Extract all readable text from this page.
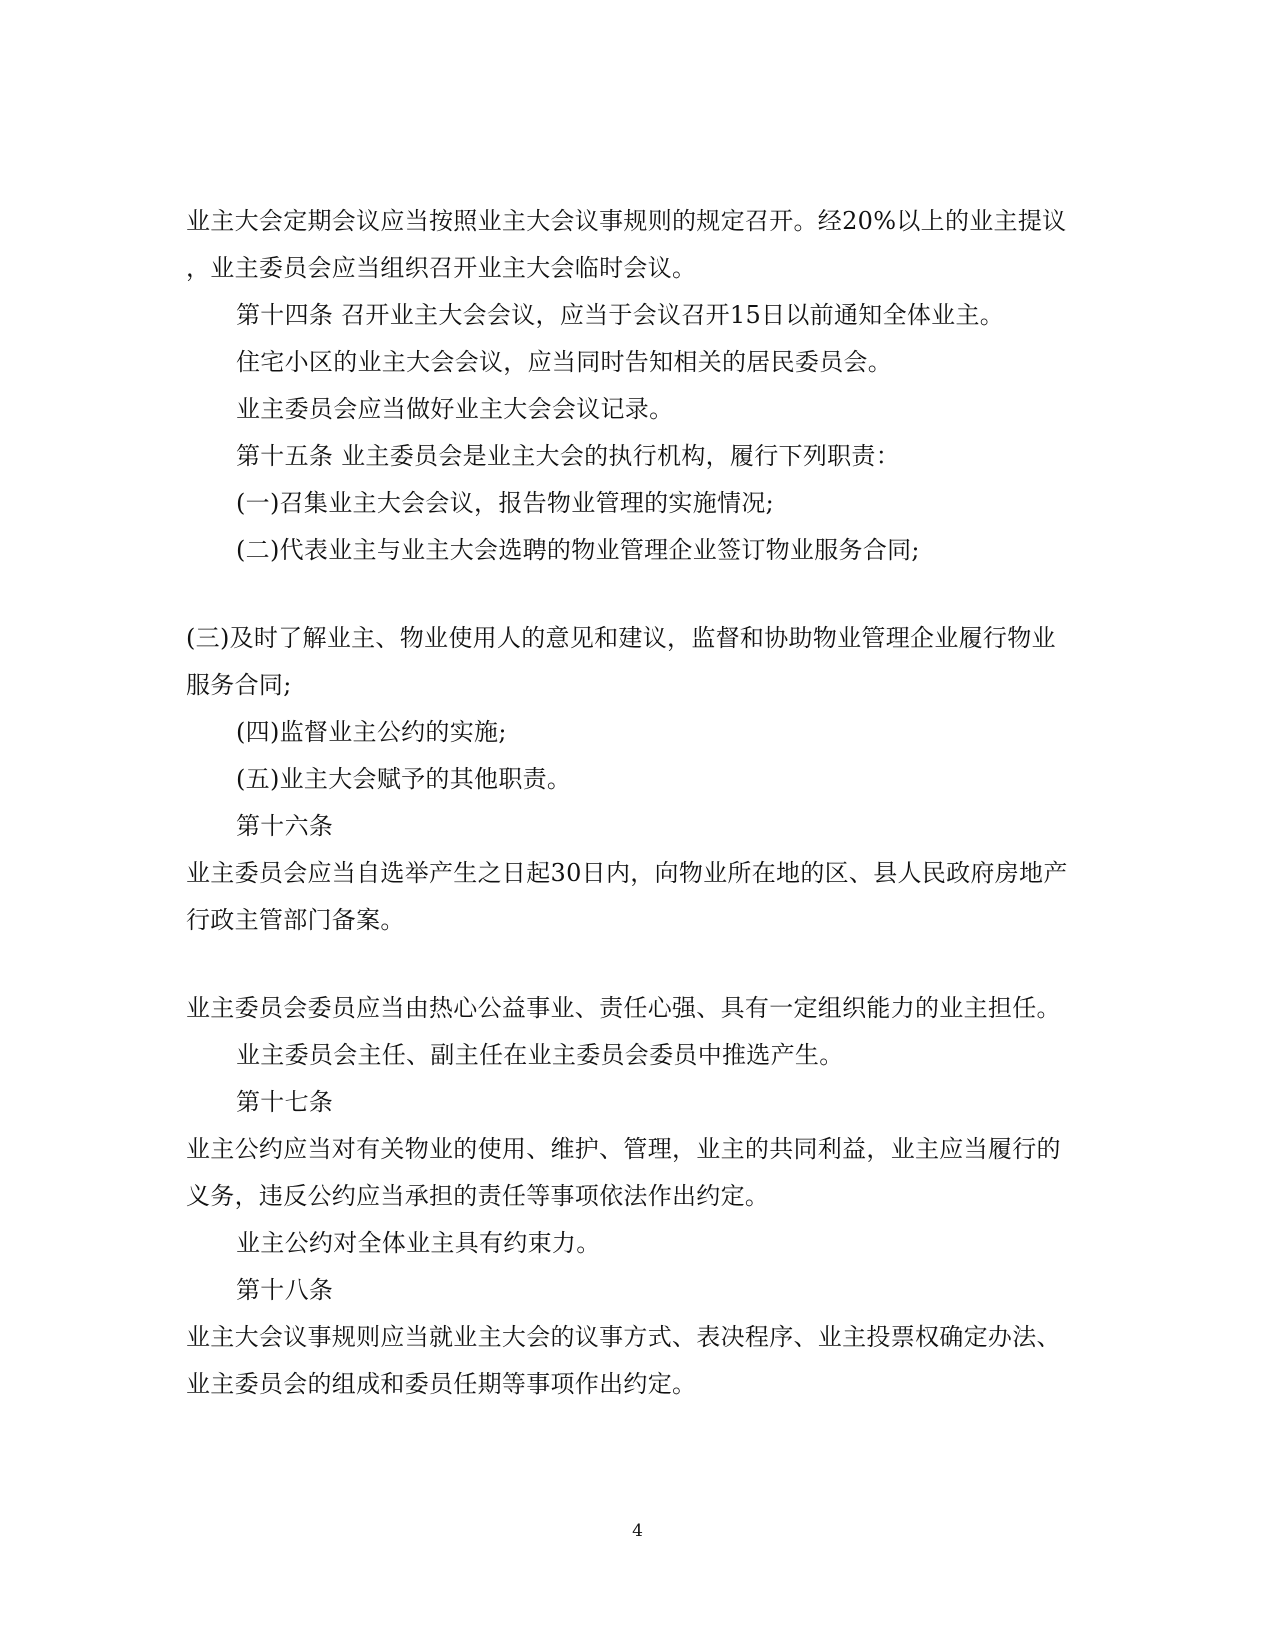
业主大会定期会议应当按照业主大会议事规则的规定召开。经20%以上的业主提议
，业主委员会应当组织召开业主大会临时会议。
第十四条 召开业主大会会议，应当于会议召开15日以前通知全体业主。
住宅小区的业主大会会议，应当同时告知相关的居民委员会。
业主委员会应当做好业主大会会议记录。
第十五条 业主委员会是业主大会的执行机构，履行下列职责：
(一)召集业主大会会议，报告物业管理的实施情况;
(二)代表业主与业主大会选聘的物业管理企业签订物业服务合同;
(三)及时了解业主、物业使用人的意见和建议，监督和协助物业管理企业履行物业
服务合同;
(四)监督业主公约的实施;
(五)业主大会赋予的其他职责。
第十六条
业主委员会应当自选举产生之日起30日内，向物业所在地的区、县人民政府房地产
行政主管部门备案。
业主委员会委员应当由热心公益事业、责任心强、具有一定组织能力的业主担任。
业主委员会主任、副主任在业主委员会委员中推选产生。
第十七条
业主公约应当对有关物业的使用、维护、管理，业主的共同利益，业主应当履行的
义务，违反公约应当承担的责任等事项依法作出约定。
业主公约对全体业主具有约束力。
第十八条
业主大会议事规则应当就业主大会的议事方式、表决程序、业主投票权确定办法、
业主委员会的组成和委员任期等事项作出约定。
4
